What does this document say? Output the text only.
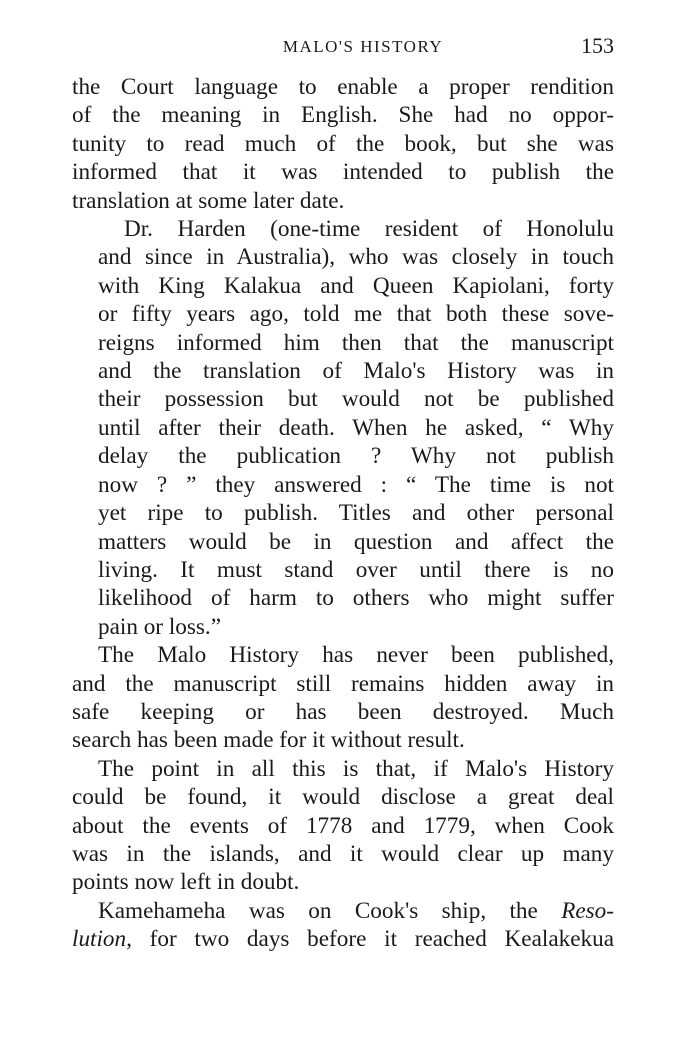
MALO'S HISTORY	153

the Court language to enable a proper rendition
of the meaning in English. She had no oppor-
tunity to read much of the book, but she was
informed that it was intended to publish the
translation at some later date.

Dr. Harden (one-time resident of Honolulu
and since in Australia), who was closely in touch
with King Kalakua and Queen Kapiolani, forty
or fifty years ago, told me that both these sove-
reigns informed him then that the manuscript
and the translation of Malo's History was in
their possession but would not be published
until after their death. When he asked, “ Why
delay the publication ? Why not publish
now ? ” they answered : “ The time is not
yet ripe to publish. Titles and other personal
matters would be in question and affect the
living. It must stand over until there is no
likelihood of harm to others who might suffer
pain or loss.”

The Malo History has never been published,
and the manuscript still remains hidden away in
safe keeping or has been destroyed. Much
search has been made for it without result.

The point in all this is that, if Malo's History
could be found, it would disclose a great deal
about the events of 1778 and 1779, when Cook
was in the islands, and it would clear up many
points now left in doubt.

Kamehameha was on Cook's ship, the Reso-
lution, for two days before it reached Kealakekua
